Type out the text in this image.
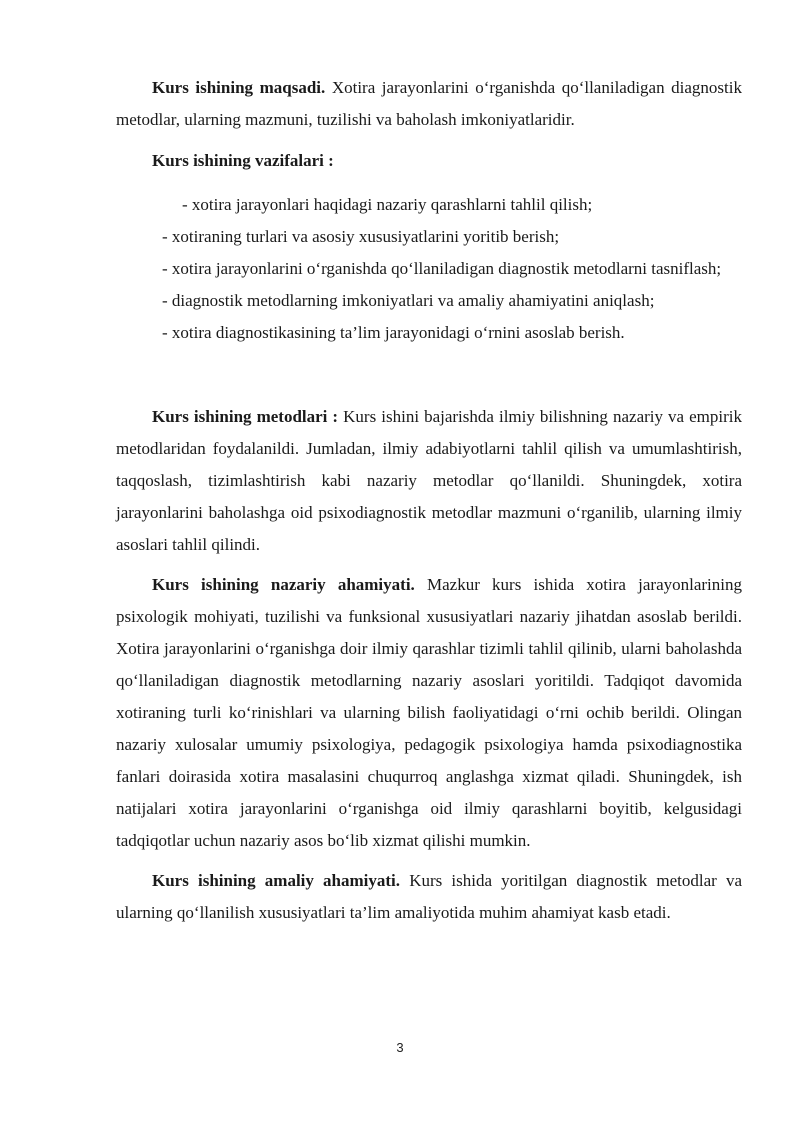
Kurs ishining maqsadi. Xotira jarayonlarini o‘rganishda qo‘llaniladigan diagnostik metodlar, ularning mazmuni, tuzilishi va baholash imkoniyatlaridir.

Kurs ishining vazifalari :
- xotira jarayonlari haqidagi nazariy qarashlarni tahlil qilish;
- xotiraning turlari va asosiy xususiyatlarini yoritib berish;
- xotira jarayonlarini o‘rganishda qo‘llaniladigan diagnostik metodlarni tasniflash;
- diagnostik metodlarning imkoniyatlari va amaliy ahamiyatini aniqlash;
- xotira diagnostikasining ta’lim jarayonidagi o‘rnini asoslab berish.

Kurs ishining metodlari : Kurs ishini bajarishda ilmiy bilishning nazariy va empirik metodlaridan foydalanildi. Jumladan, ilmiy adabiyotlarni tahlil qilish va umumlashtirish, taqqoslash, tizimlashtirish kabi nazariy metodlar qo‘llanildi. Shuningdek, xotira jarayonlarini baholashga oid psixodiagnostik metodlar mazmuni o‘rganilib, ularning ilmiy asoslari tahlil qilindi.

Kurs ishining nazariy ahamiyati. Mazkur kurs ishida xotira jarayonlarining psixologik mohiyati, tuzilishi va funksional xususiyatlari nazariy jihatdan asoslab berildi. Xotira jarayonlarini o‘rganishga doir ilmiy qarashlar tizimli tahlil qilinib, ularni baholashda qo‘llaniladigan diagnostik metodlarning nazariy asoslari yoritildi. Tadqiqot davomida xotiraning turli ko‘rinishlari va ularning bilish faoliyatidagi o‘rni ochib berildi. Olingan nazariy xulosalar umumiy psixologiya, pedagogik psixologiya hamda psixodiagnostika fanlari doirasida xotira masalasini chuqurroq anglashga xizmat qiladi. Shuningdek, ish natijalari xotira jarayonlarini o‘rganishga oid ilmiy qarashlarni boyitib, kelgusidagi tadqiqotlar uchun nazariy asos bo‘lib xizmat qilishi mumkin.

Kurs ishining amaliy ahamiyati. Kurs ishida yoritilgan diagnostik metodlar va ularning qo‘llanilish xususiyatlari ta’lim amaliyotida muhim ahamiyat kasb etadi.

3
